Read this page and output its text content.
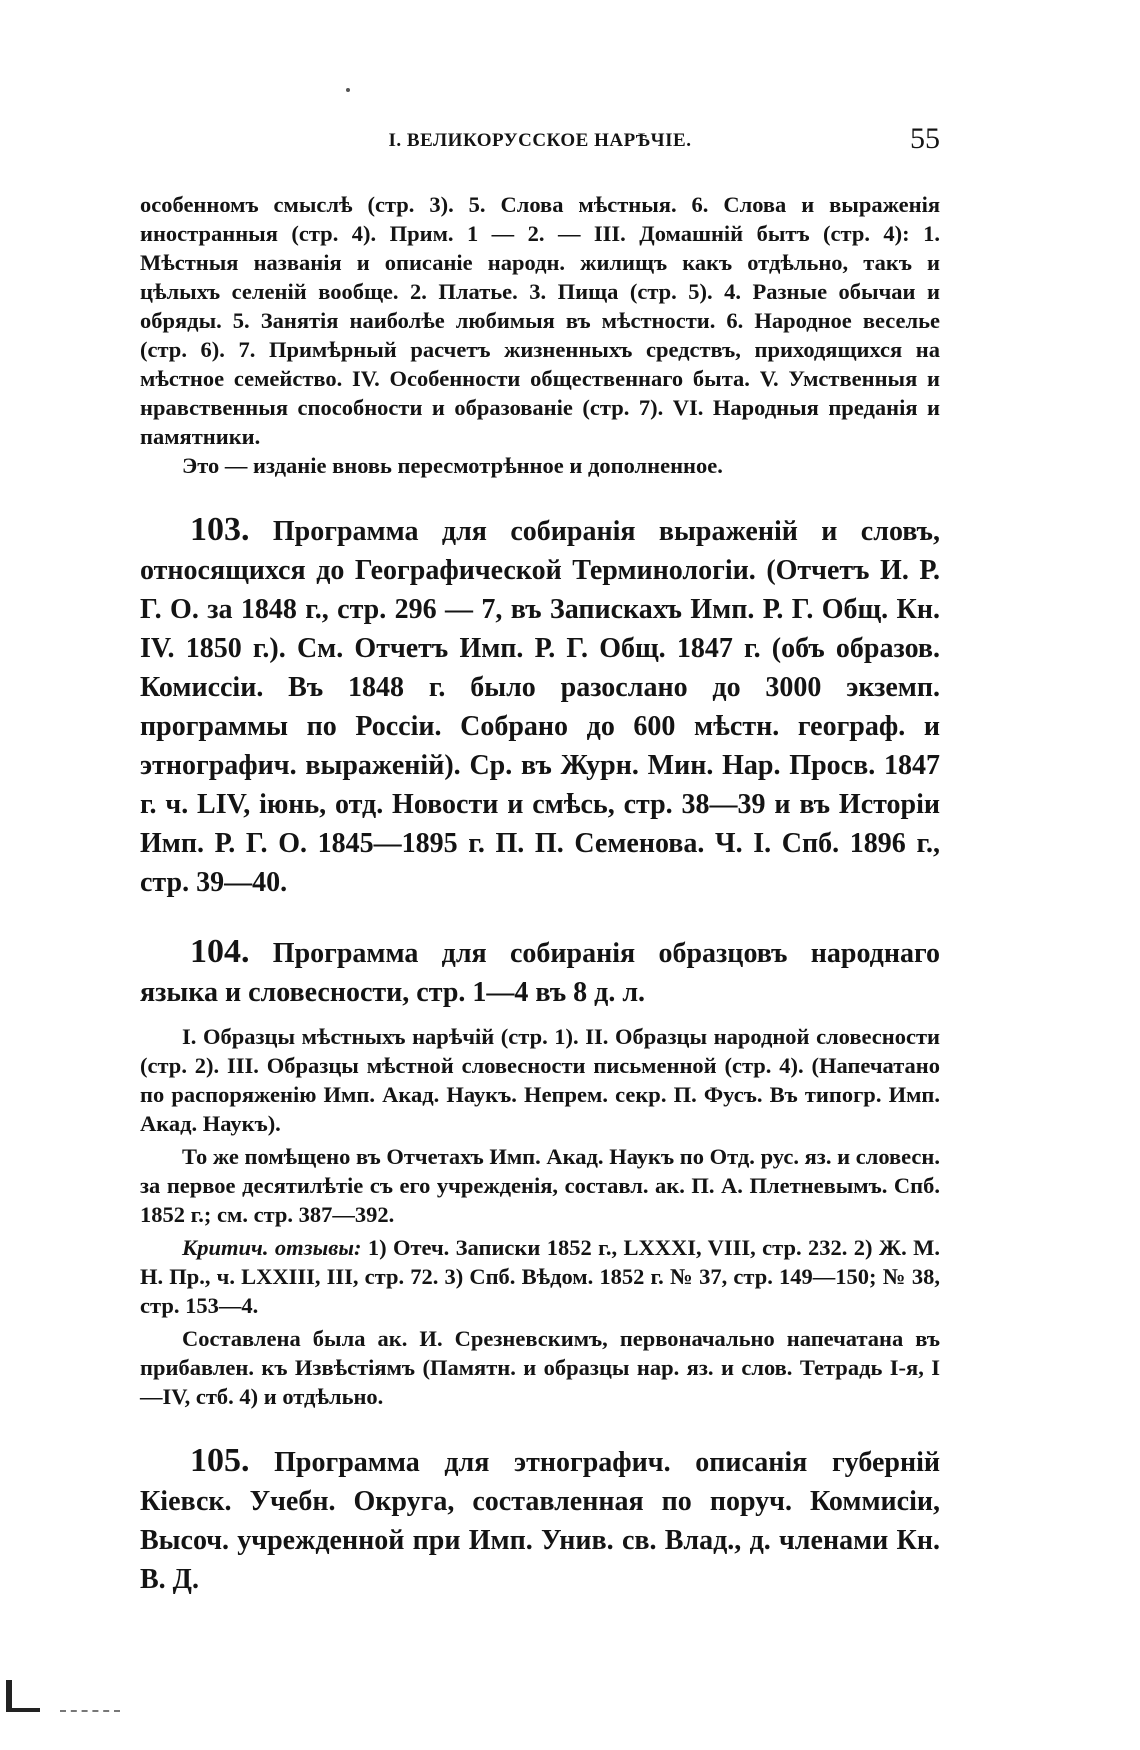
I. ВЕЛИКОРУССКОЕ НАРѢЧІЕ.	55

особенномъ смыслѣ (стр. 3). 5. Слова мѣстныя. 6. Слова и выраженія иностранныя (стр. 4). Прим. 1 — 2. — III. Домашній бытъ (стр. 4): 1. Мѣстныя названія и описаніе народн. жилищъ какъ отдѣльно, такъ и цѣлыхъ селеній вообще. 2. Платье. 3. Пища (стр. 5). 4. Разные обычаи и обряды. 5. Занятія наиболѣе любимыя въ мѣстности. 6. Народное веселье (стр. 6). 7. Примѣрный расчетъ жизненныхъ средствъ, приходящихся на мѣстное семейство. IV. Особенности общественнаго быта. V. Умственныя и нравственныя способности и образованіе (стр. 7). VI. Народныя преданія и памятники.

Это — изданіе вновь пересмотрѣнное и дополненное.

103. Программа для собиранія выраженій и словъ, относящихся до Географической Терминологіи. (Отчетъ И. Р. Г. О. за 1848 г., стр. 296 — 7, въ Запискахъ Имп. Р. Г. Общ. Кн. IV. 1850 г.). См. Отчетъ Имп. Р. Г. Общ. 1847 г. (объ образов. Комиссіи. Въ 1848 г. было разослано до 3000 экземп. программы по Россіи. Собрано до 600 мѣстн. географ. и этнографич. выраженій). Ср. въ Журн. Мин. Нар. Просв. 1847 г. ч. LIV, іюнь, отд. Новости и смѣсь, стр. 38—39 и въ Исторіи Имп. Р. Г. О. 1845—1895 г. П. П. Семенова. Ч. I. Спб. 1896 г., стр. 39—40.

104. Программа для собиранія образцовъ народнаго языка и словесности, стр. 1—4 въ 8 д. л.

I. Образцы мѣстныхъ нарѣчій (стр. 1). II. Образцы народной словесности (стр. 2). III. Образцы мѣстной словесности письменной (стр. 4). (Напечатано по распоряженію Имп. Акад. Наукъ. Непрем. секр. П. Фусъ. Въ типогр. Имп. Акад. Наукъ).

То же помѣщено въ Отчетахъ Имп. Акад. Наукъ по Отд. рус. яз. и словесн. за первое десятилѣтіе съ его учрежденія, составл. ак. П. А. Плетневымъ. Спб. 1852 г.; см. стр. 387—392.

Критич. отзывы: 1) Отеч. Записки 1852 г., LXXXI, VIII, стр. 232. 2) Ж. М. Н. Пр., ч. LXXIII, III, стр. 72. 3) Спб. Вѣдом. 1852 г. № 37, стр. 149—150; № 38, стр. 153—4.

Составлена была ак. И. Срезневскимъ, первоначально напечатана въ прибавлен. къ Извѣстіямъ (Памятн. и образцы нар. яз. и слов. Тетрадь I-я, I—IV, стб. 4) и отдѣльно.

105. Программа для этнографич. описанія губерній Кіевск. Учебн. Округа, составленная по поруч. Коммисіи, Высоч. учрежденной при Имп. Унив. св. Влад., д. членами Кн. В. Д.
